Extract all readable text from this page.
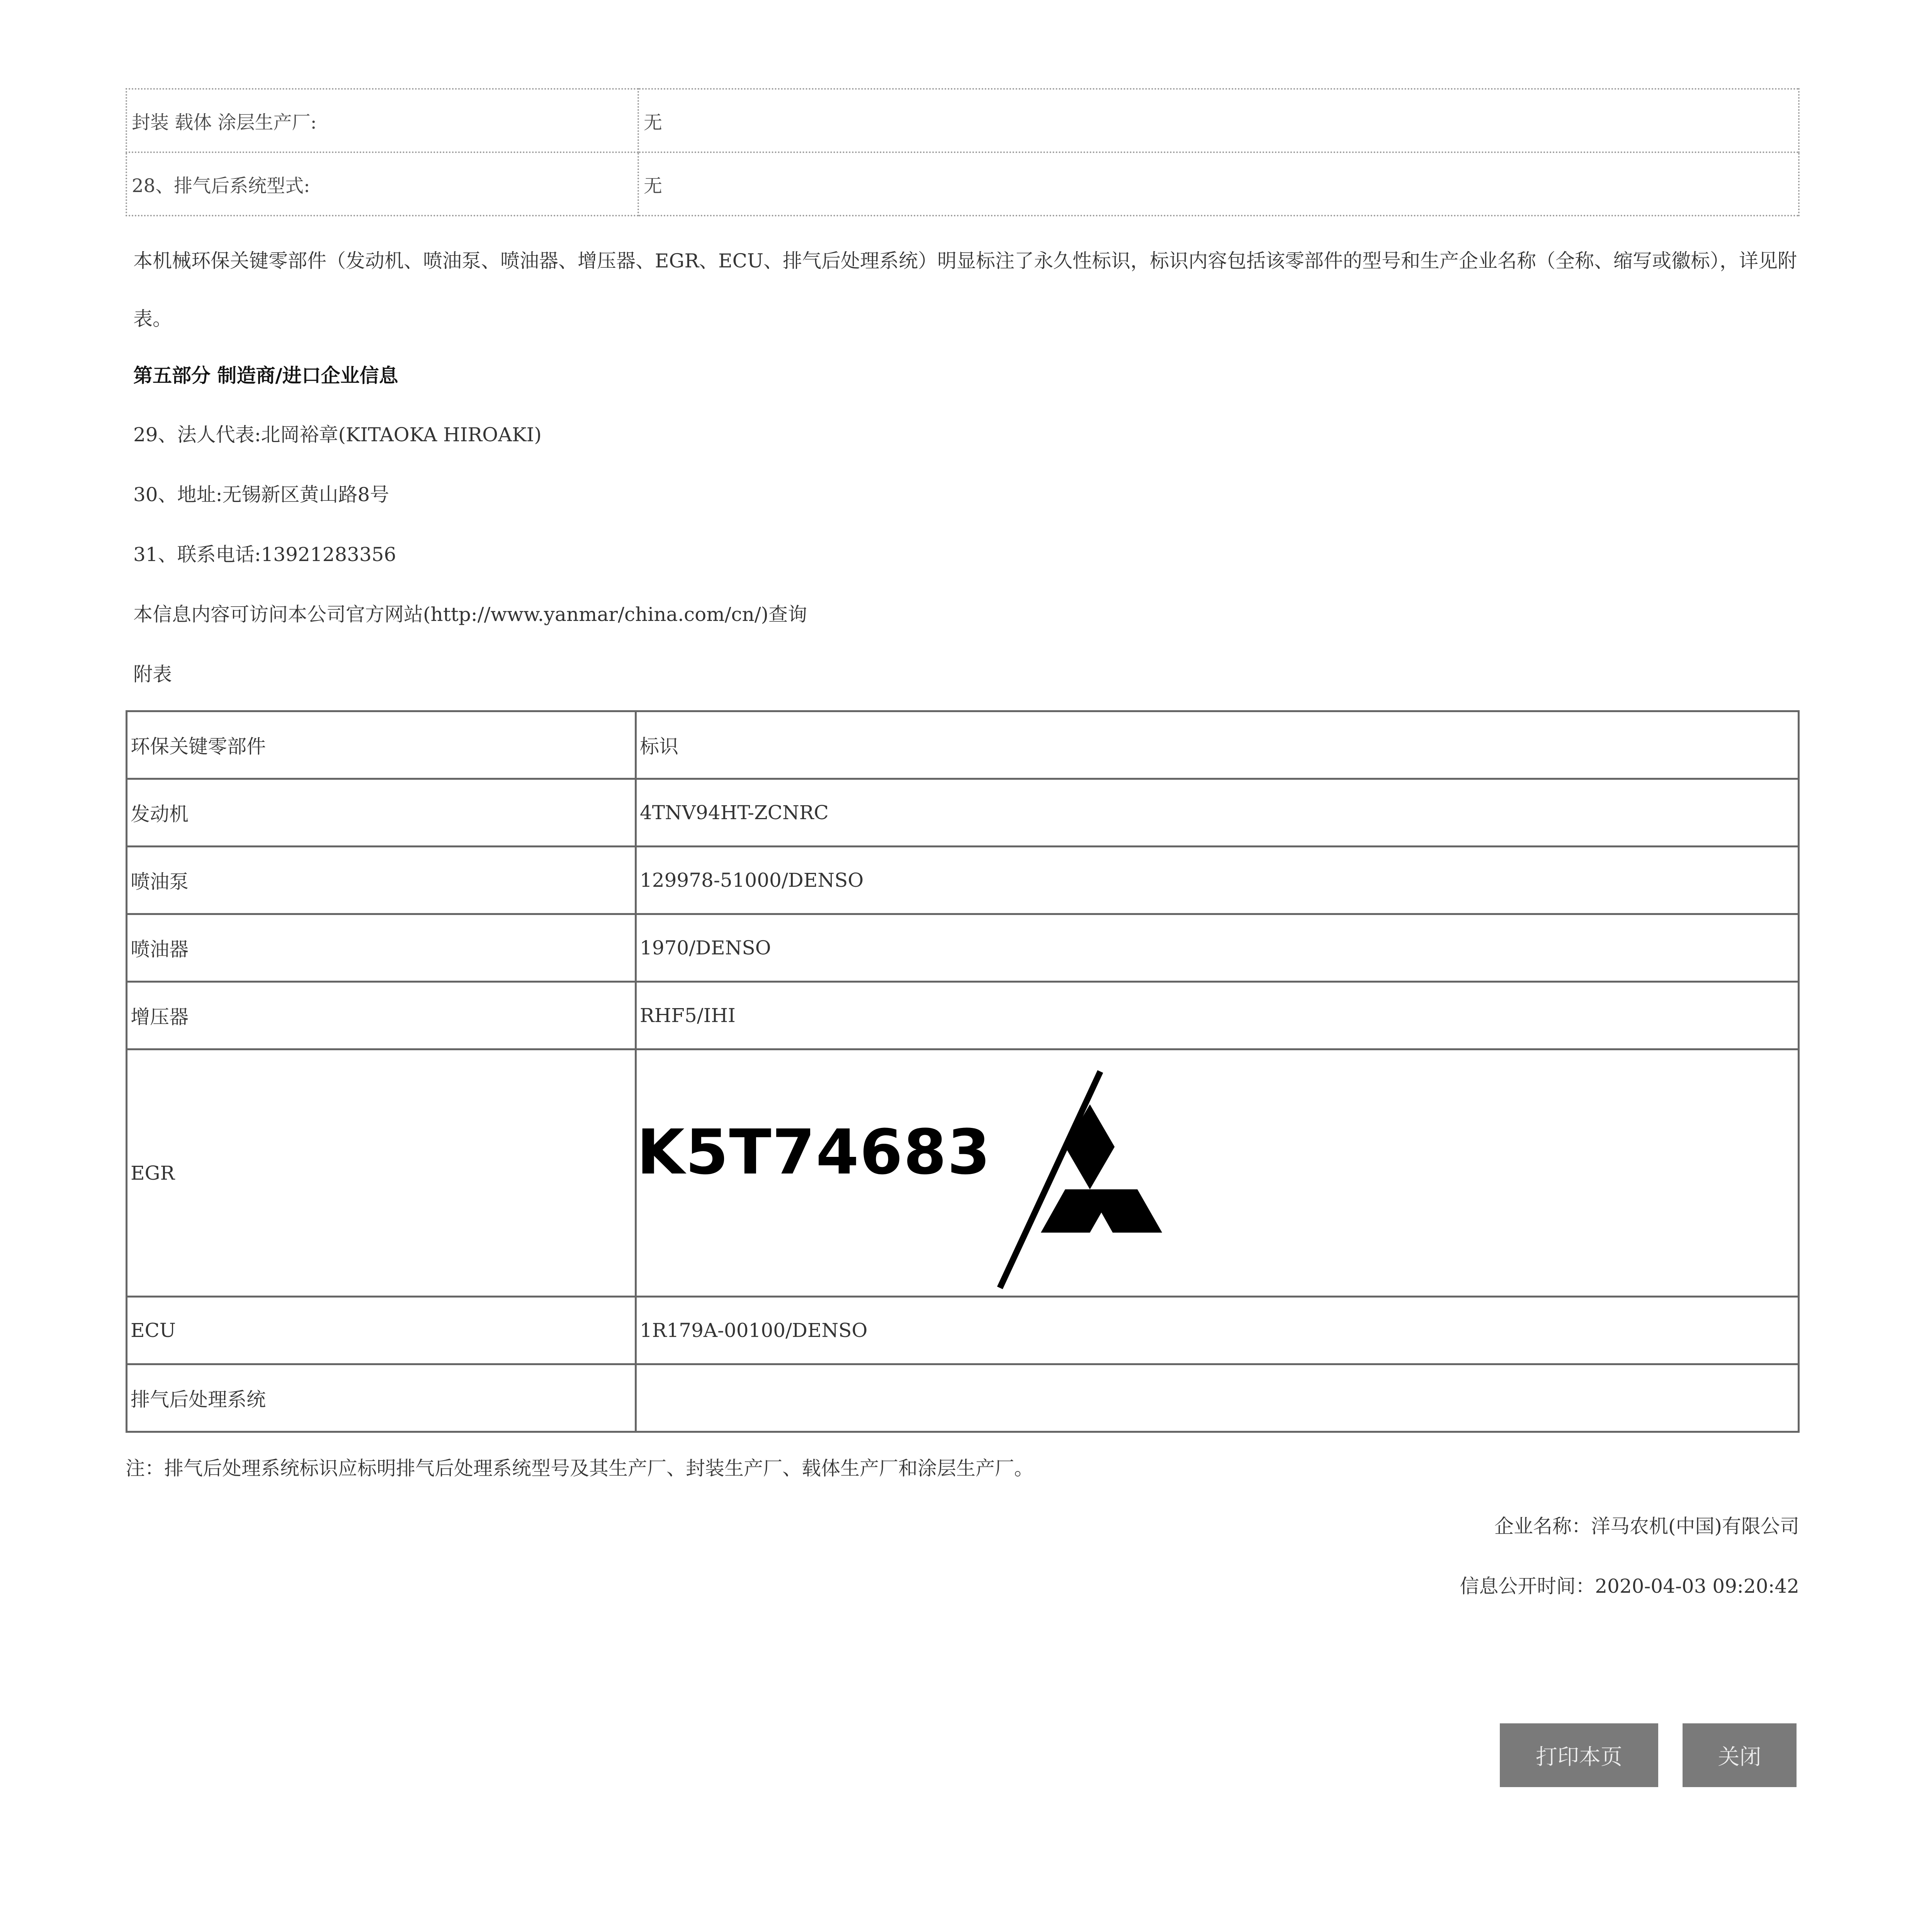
封装 载体 涂层生产厂:	无
28、排气后系统型式:	无
本机械环保关键零部件（发动机、喷油泵、喷油器、增压器、EGR、ECU、排气后处理系统）明显标注了永久性标识，标识内容包括该零部件的型号和生产企业名称（全称、缩写或徽标），详见附表。
第五部分 制造商/进口企业信息
29、法人代表:北岡裕章(KITAOKA HIROAKI)
30、地址:无锡新区黄山路8号
31、联系电话:13921283356
本信息内容可访问本公司官方网站(http://www.yanmar/china.com/cn/)查询
附表
环保关键零部件	标识
发动机	4TNV94HT-ZCNRC
喷油泵	129978-51000/DENSO
喷油器	1970/DENSO
增压器	RHF5/IHI
EGR	K5T74683

ECU	1R179A-00100/DENSO
排气后处理系统	
注：排气后处理系统标识应标明排气后处理系统型号及其生产厂、封装生产厂、载体生产厂和涂层生产厂。
企业名称：洋马农机(中国)有限公司
信息公开时间：2020-04-03 09:20:42
打印本页	关闭
